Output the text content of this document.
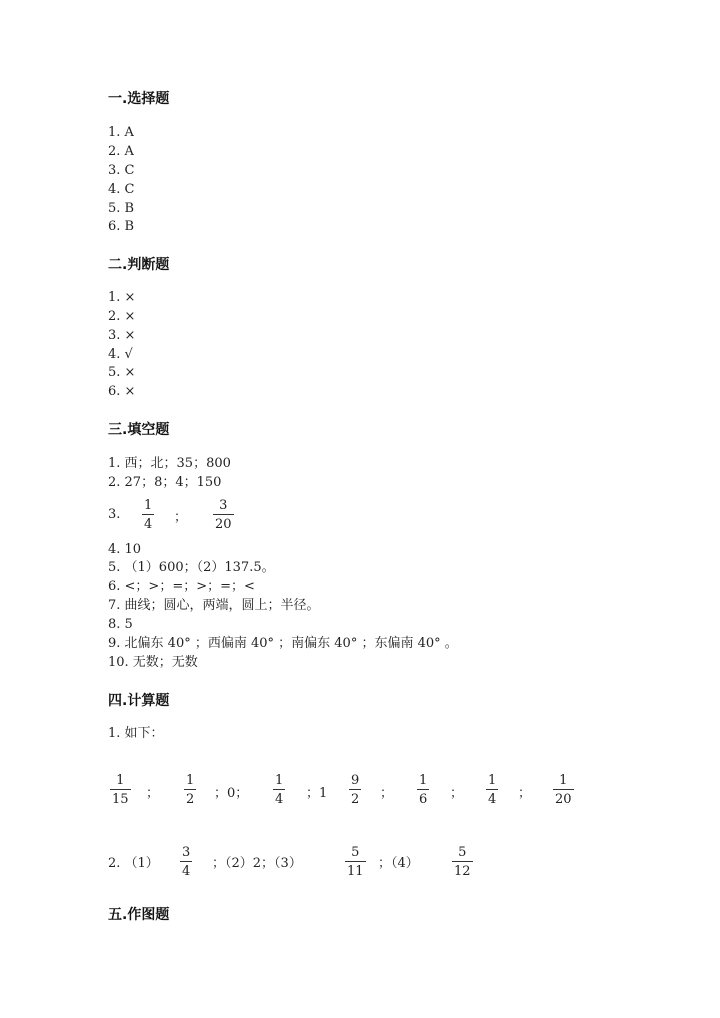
一.选择题
1. A
2. A
3. C
4. C
5. B
6. B
二.判断题
1. ×
2. ×
3. ×
4. √
5. ×
6. ×
三.填空题
1. 西；北；35；800
2. 27；8；4；150
3.
1
4 ；
3
20
4. 10
5. （1）600；（2）137.5。
6. <；>；=；>；=；<
7. 曲线；圆心，两端，圆上；半径。
8. 5
9. 北偏东 40° ；西偏南 40° ；南偏东 40° ；东偏南 40° 。
10. 无数；无数
四.计算题
1. 如下：
1
15 ；
1
2 ；0；
1
4 ；1
9
2 ；
1
6 ；
1
4 ；
1
20
2. （1）
3
4
；（2）2；（3）
5
11
；（4）
5
12
五.作图题
